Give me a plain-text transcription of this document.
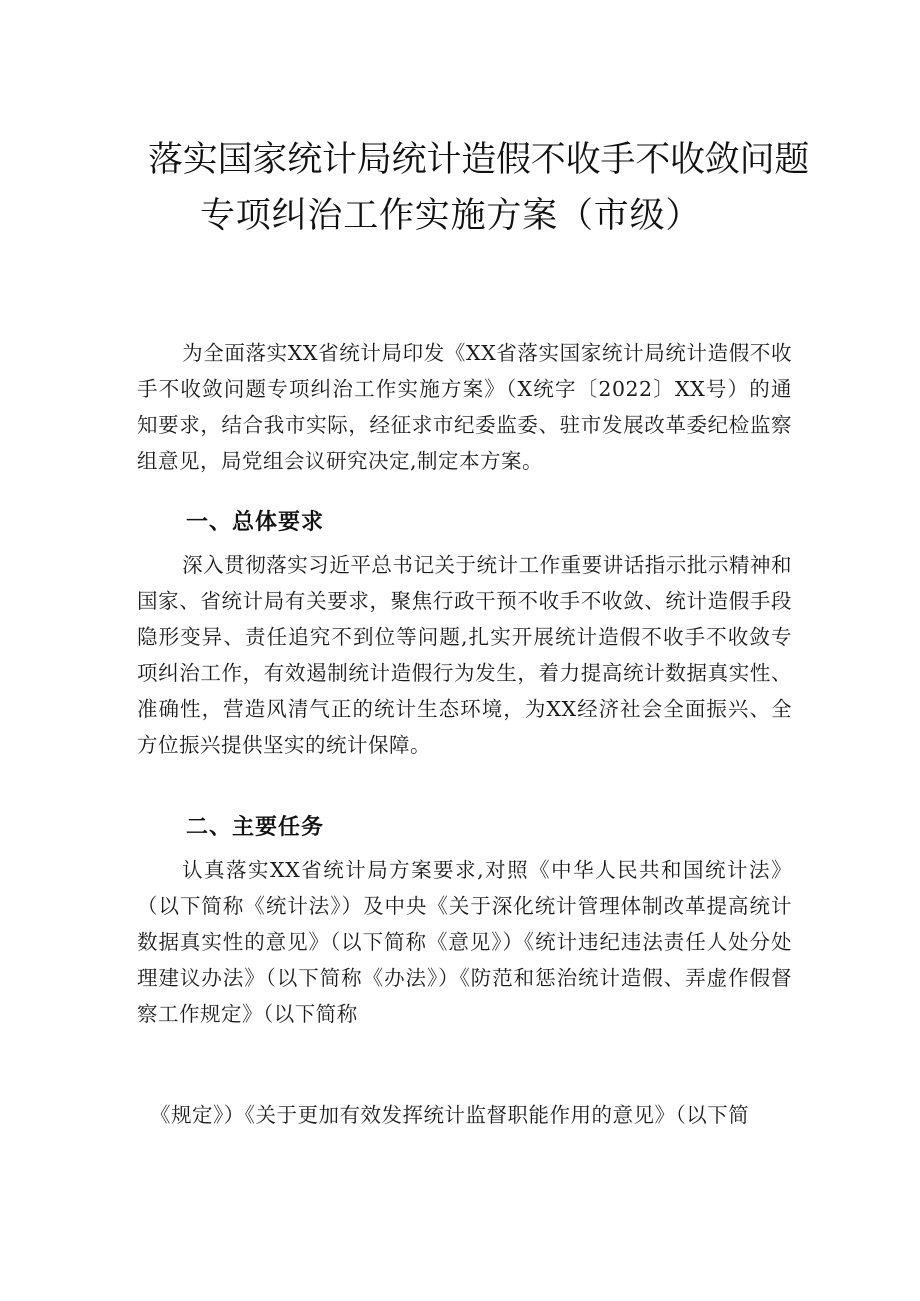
落实国家统计局统计造假不收手不收敛问题
专项纠治工作实施方案（市级）

为全面落实XX省统计局印发《XX省落实国家统计局统计造假不收手不收敛问题专项纠治工作实施方案》（X统字〔2022〕XX号）的通知要求，结合我市实际，经征求市纪委监委、驻市发展改革委纪检监察组意见，局党组会议研究决定,制定本方案。

一、总体要求

深入贯彻落实习近平总书记关于统计工作重要讲话指示批示精神和国家、省统计局有关要求，聚焦行政干预不收手不收敛、统计造假手段隐形变异、责任追究不到位等问题,扎实开展统计造假不收手不收敛专项纠治工作，有效遏制统计造假行为发生，着力提高统计数据真实性、准确性，营造风清气正的统计生态环境，为XX经济社会全面振兴、全方位振兴提供坚实的统计保障。

二、主要任务

认真落实XX省统计局方案要求,对照《中华人民共和国统计法》（以下简称《统计法》）及中央《关于深化统计管理体制改革提高统计数据真实性的意见》（以下简称《意见》）《统计违纪违法责任人处分处理建议办法》（以下简称《办法》）《防范和惩治统计造假、弄虚作假督察工作规定》（以下简称

《规定》）《关于更加有效发挥统计监督职能作用的意见》（以下简
